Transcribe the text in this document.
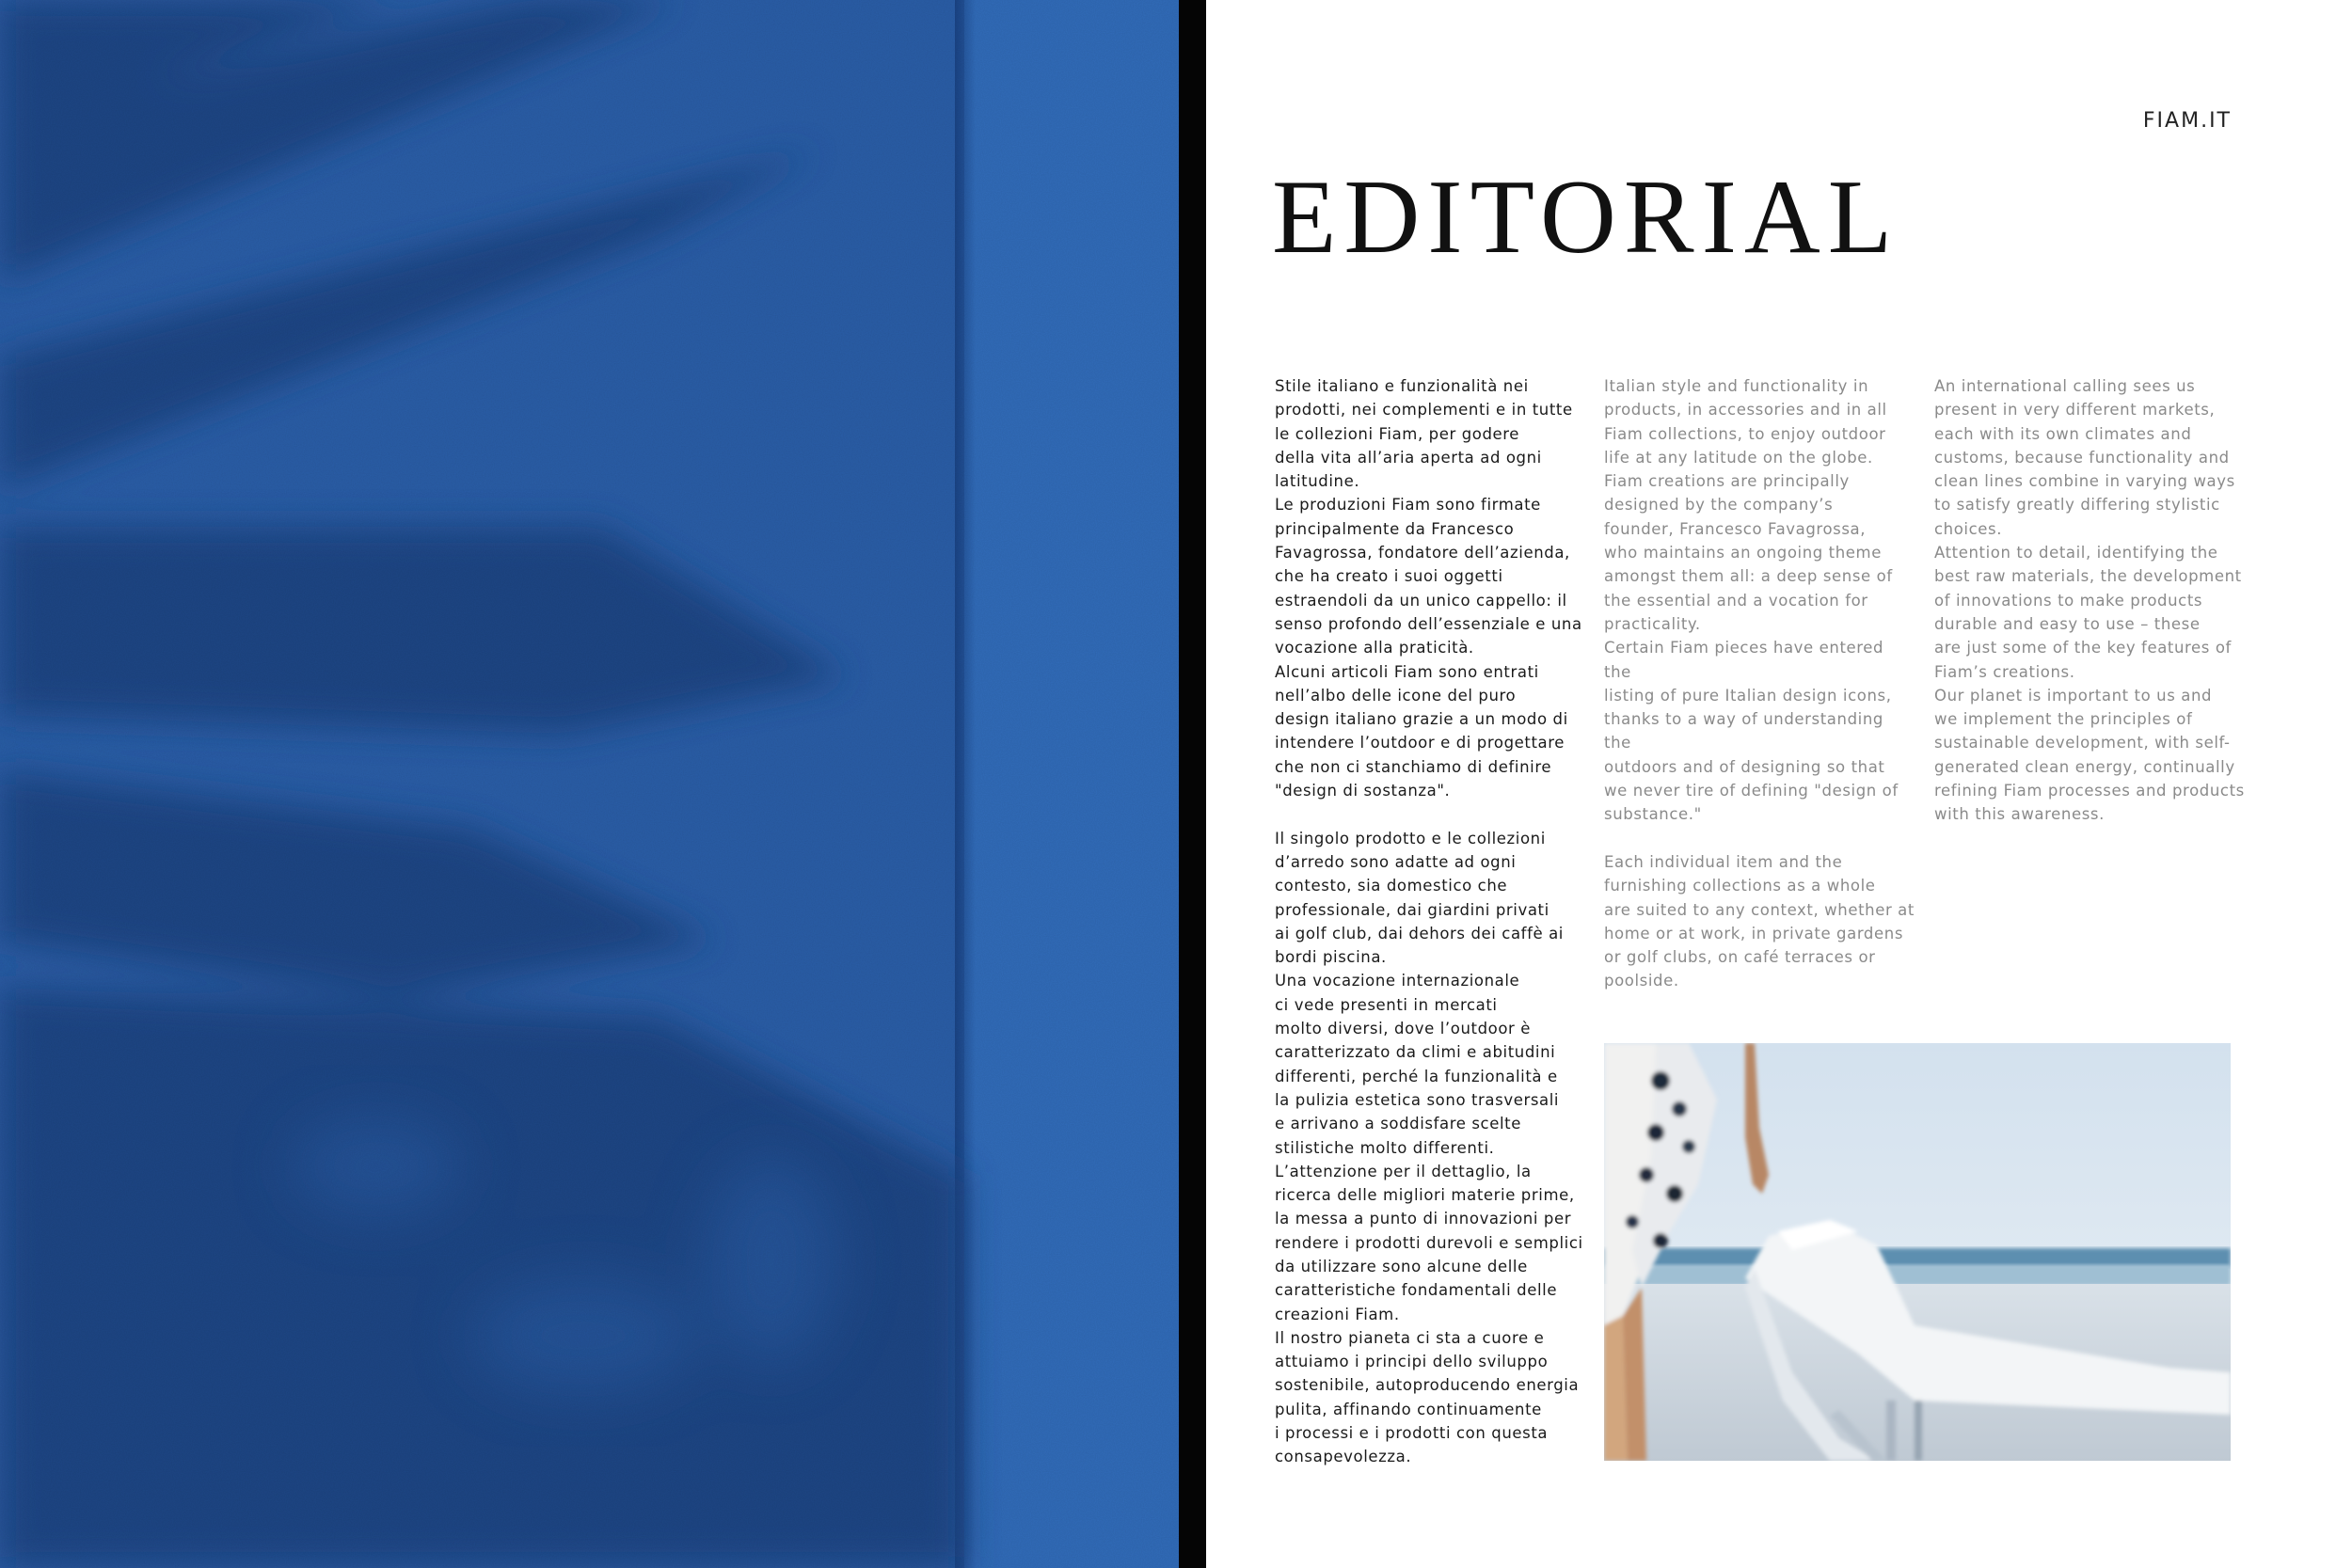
EDITORIAL
FIAM.IT

Stile italiano e funzionalità nei
prodotti, nei complementi e in tutte
le collezioni Fiam, per godere
della vita all’aria aperta ad ogni
latitudine.
Le produzioni Fiam sono firmate
principalmente da Francesco
Favagrossa, fondatore dell’azienda,
che ha creato i suoi oggetti
estraendoli da un unico cappello: il
senso profondo dell’essenziale e una
vocazione alla praticità.
Alcuni articoli Fiam sono entrati
nell’albo delle icone del puro
design italiano grazie a un modo di
intendere l’outdoor e di progettare
che non ci stanchiamo di definire
"design di sostanza".

Il singolo prodotto e le collezioni
d’arredo sono adatte ad ogni
contesto, sia domestico che
professionale, dai giardini privati
ai golf club, dai dehors dei caffè ai
bordi piscina.
Una vocazione internazionale
ci vede presenti in mercati
molto diversi, dove l’outdoor è
caratterizzato da climi e abitudini
differenti, perché la funzionalità e
la pulizia estetica sono trasversali
e arrivano a soddisfare scelte
stilistiche molto differenti.
L’attenzione per il dettaglio, la
ricerca delle migliori materie prime,
la messa a punto di innovazioni per
rendere i prodotti durevoli e semplici
da utilizzare sono alcune delle
caratteristiche fondamentali delle
creazioni Fiam.
Il nostro pianeta ci sta a cuore e
attuiamo i principi dello sviluppo
sostenibile, autoproducendo energia
pulita, affinando continuamente
i processi e i prodotti con questa
consapevolezza.

Italian style and functionality in
products, in accessories and in all
Fiam collections, to enjoy outdoor
life at any latitude on the globe.
Fiam creations are principally
designed by the company’s
founder, Francesco Favagrossa,
who maintains an ongoing theme
amongst them all: a deep sense of
the essential and a vocation for
practicality.
Certain Fiam pieces have entered the
listing of pure Italian design icons,
thanks to a way of understanding the
outdoors and of designing so that
we never tire of defining "design of
substance."

Each individual item and the
furnishing collections as a whole
are suited to any context, whether at
home or at work, in private gardens
or golf clubs, on café terraces or
poolside.

An international calling sees us
present in very different markets,
each with its own climates and
customs, because functionality and
clean lines combine in varying ways
to satisfy greatly differing stylistic
choices.
Attention to detail, identifying the
best raw materials, the development
of innovations to make products
durable and easy to use – these
are just some of the key features of
Fiam’s creations.
Our planet is important to us and
we implement the principles of
sustainable development, with self-
generated clean energy, continually
refining Fiam processes and products
with this awareness.
